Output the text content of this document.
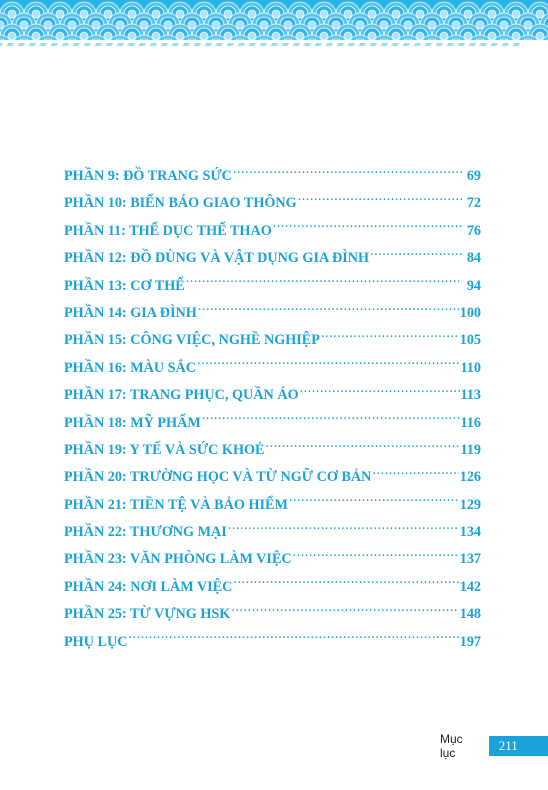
PHẦN 9: ĐỒ TRANG SỨC .....	69
PHẦN 10: BIỂN BÁO GIAO THÔNG .....	72
PHẦN 11: THỂ DỤC THỂ THAO .....	76
PHẦN 12: ĐỒ DÙNG VÀ VẬT DỤNG GIA ĐÌNH .....	84
PHẦN 13: CƠ THỂ .....	94
PHẦN 14: GIA ĐÌNH .....	100
PHẦN 15: CÔNG VIỆC, NGHỀ NGHIỆP .....	105
PHẦN 16: MÀU SẮC .....	110
PHẦN 17: TRANG PHỤC, QUẦN ÁO .....	113
PHẦN 18: MỸ PHẨM .....	116
PHẦN 19: Y TẾ VÀ SỨC KHOẺ .....	119
PHẦN 20: TRƯỜNG HỌC VÀ TỪ NGỮ CƠ BẢN .....	126
PHẦN 21: TIỀN TỆ VÀ BẢO HIỂM .....	129
PHẦN 22: THƯƠNG MẠI .....	134
PHẦN 23: VĂN PHÒNG LÀM VIỆC .....	137
PHẦN 24: NƠI LÀM VIỆC .....	142
PHẦN 25: TỪ VỰNG HSK .....	148
PHỤ LỤC .....	197
Mục lục	211
